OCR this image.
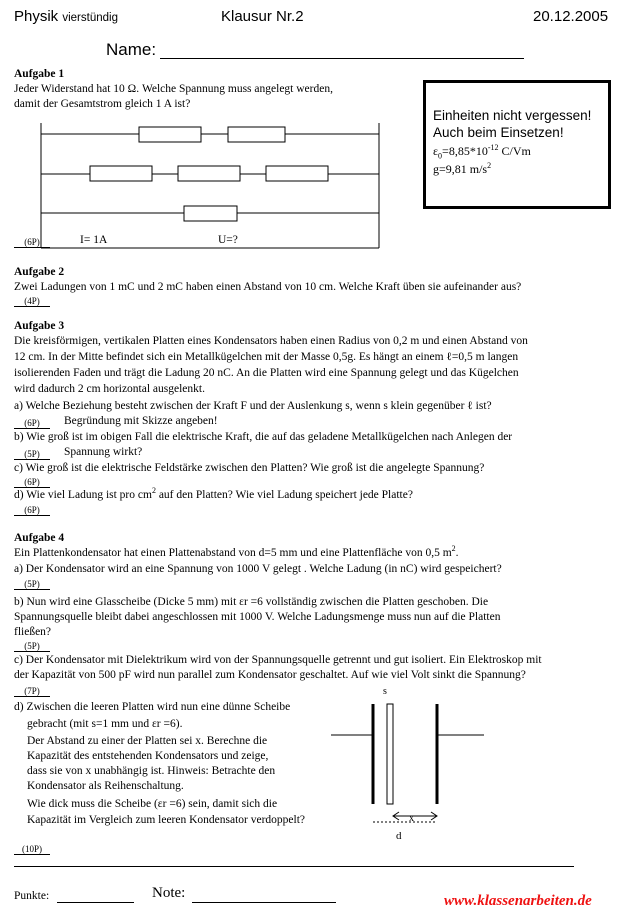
Physik vierstündig	Klausur Nr.2	20.12.2005
Name:
Aufgabe 1
Jeder Widerstand hat 10 Ω. Welche Spannung muss angelegt werden,
damit der Gesamtstrom gleich 1 A ist?
(6P)	I= 1A	U=?
Einheiten nicht vergessen!
Auch beim Einsetzen!
$\varepsilon_0=8,85*10^{-12}$ C/Vm
g=9,81 $m/s^2$
Aufgabe 2
Zwei Ladungen von 1 mC und 2 mC haben einen Abstand von 10 cm. Welche Kraft üben sie aufeinander aus?
(4P)
Aufgabe 3
Die kreisförmigen, vertikalen Platten eines Kondensators haben einen Radius von 0,2 m und einen Abstand von
12 cm. In der Mitte befindet sich ein Metallkügelchen mit der Masse 0,5g. Es hängt an einem ℓ=0,5 m langen
isolierenden Faden und trägt die Ladung 20 nC. An die Platten wird eine Spannung gelegt und das Kügelchen
wird dadurch 2 cm horizontal ausgelenkt.
a) Welche Beziehung besteht zwischen der Kraft F und der Auslenkung s, wenn s klein gegenüber ℓ ist?
(6P)	Begründung mit Skizze angeben!
b) Wie groß ist im obigen Fall die elektrische Kraft, die auf das geladene Metallkügelchen nach Anlegen der
(5P)	Spannung wirkt?
c) Wie groß ist die elektrische Feldstärke zwischen den Platten? Wie groß ist die angelegte Spannung?
(6P)
d) Wie viel Ladung ist pro $cm^2$ auf den Platten? Wie viel Ladung speichert jede Platte?
(6P)
Aufgabe 4
Ein Plattenkondensator hat einen Plattenabstand von d=5 mm und eine Plattenfläche von 0,5 $m^2$.
a) Der Kondensator wird an eine Spannung von 1000 V gelegt . Welche Ladung (in nC) wird gespeichert?
(5P)
b) Nun wird eine Glasscheibe (Dicke 5 mm) mit εr =6 vollständig zwischen die Platten geschoben. Die
Spannungsquelle bleibt dabei angeschlossen mit 1000 V. Welche Ladungsmenge muss nun auf die Platten
fließen?
(5P)
c) Der Kondensator mit Dielektrikum wird von der Spannungsquelle getrennt und gut isoliert. Ein Elektroskop mit
der Kapazität von 500 pF wird nun parallel zum Kondensator geschaltet. Auf wie viel Volt sinkt die Spannung?
(7P)
d) Zwischen die leeren Platten wird nun eine dünne Scheibe
gebracht (mit s=1 mm und εr =6).
Der Abstand zu einer der Platten sei x. Berechne die
Kapazität des entstehenden Kondensators und zeige,
dass sie von x unabhängig ist. Hinweis: Betrachte den
Kondensator als Reihenschaltung.
Wie dick muss die Scheibe (εr =6) sein, damit sich die
Kapazität im Vergleich zum leeren Kondensator verdoppelt?
(10P)
s
x
d
Punkte:	Note:	www.klassenarbeiten.de
